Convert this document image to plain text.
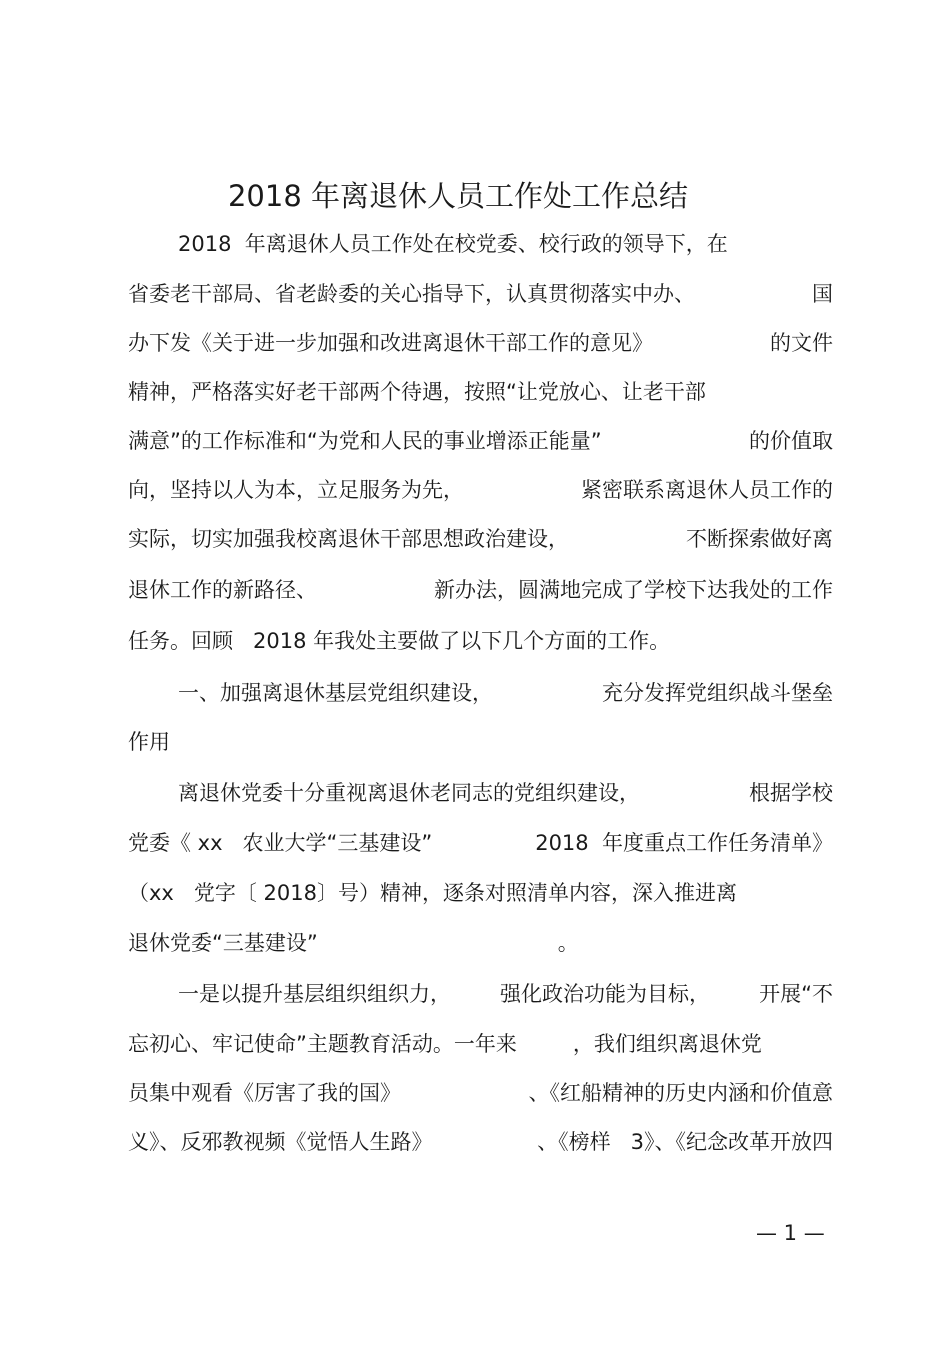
2018 年离退休人员工作处工作总结
2018  年离退休人员工作处在校党委、校行政的领导下，在
省委老干部局、省老龄委的关心指导下，认真贯彻落实中办、	国
办下发《关于进一步加强和改进离退休干部工作的意见》	的文件
精神，严格落实好老干部两个待遇，按照“让党放心、让老干部
满意”的工作标准和“为党和人民的事业增添正能量”	的价值取
向，坚持以人为本，立足服务为先，	紧密联系离退休人员工作的
实际，切实加强我校离退休干部思想政治建设，	不断探索做好离
退休工作的新路径、	新办法，圆满地完成了学校下达我处的工作
任务。回顾   2018 年我处主要做了以下几个方面的工作。
一、加强离退休基层党组织建设，	充分发挥党组织战斗堡垒
作用
离退休党委十分重视离退休老同志的党组织建设，	根据学校
党委《 xx   农业大学“三基建设”	2018  年度重点工作任务清单》
（xx   党字〔 2018〕号）精神，逐条对照清单内容，深入推进离
退休党委“三基建设”	。
一是以提升基层组织组织力， 强化政治功能为目标， 开展“不
忘初心、牢记使命”主题教育活动。一年来	，我们组织离退休党
员集中观看《厉害了我的国》	、《红船精神的历史内涵和价值意
义》、反邪教视频《觉悟人生路》	、《榜样   3》、《纪念改革开放四
— 1 —
